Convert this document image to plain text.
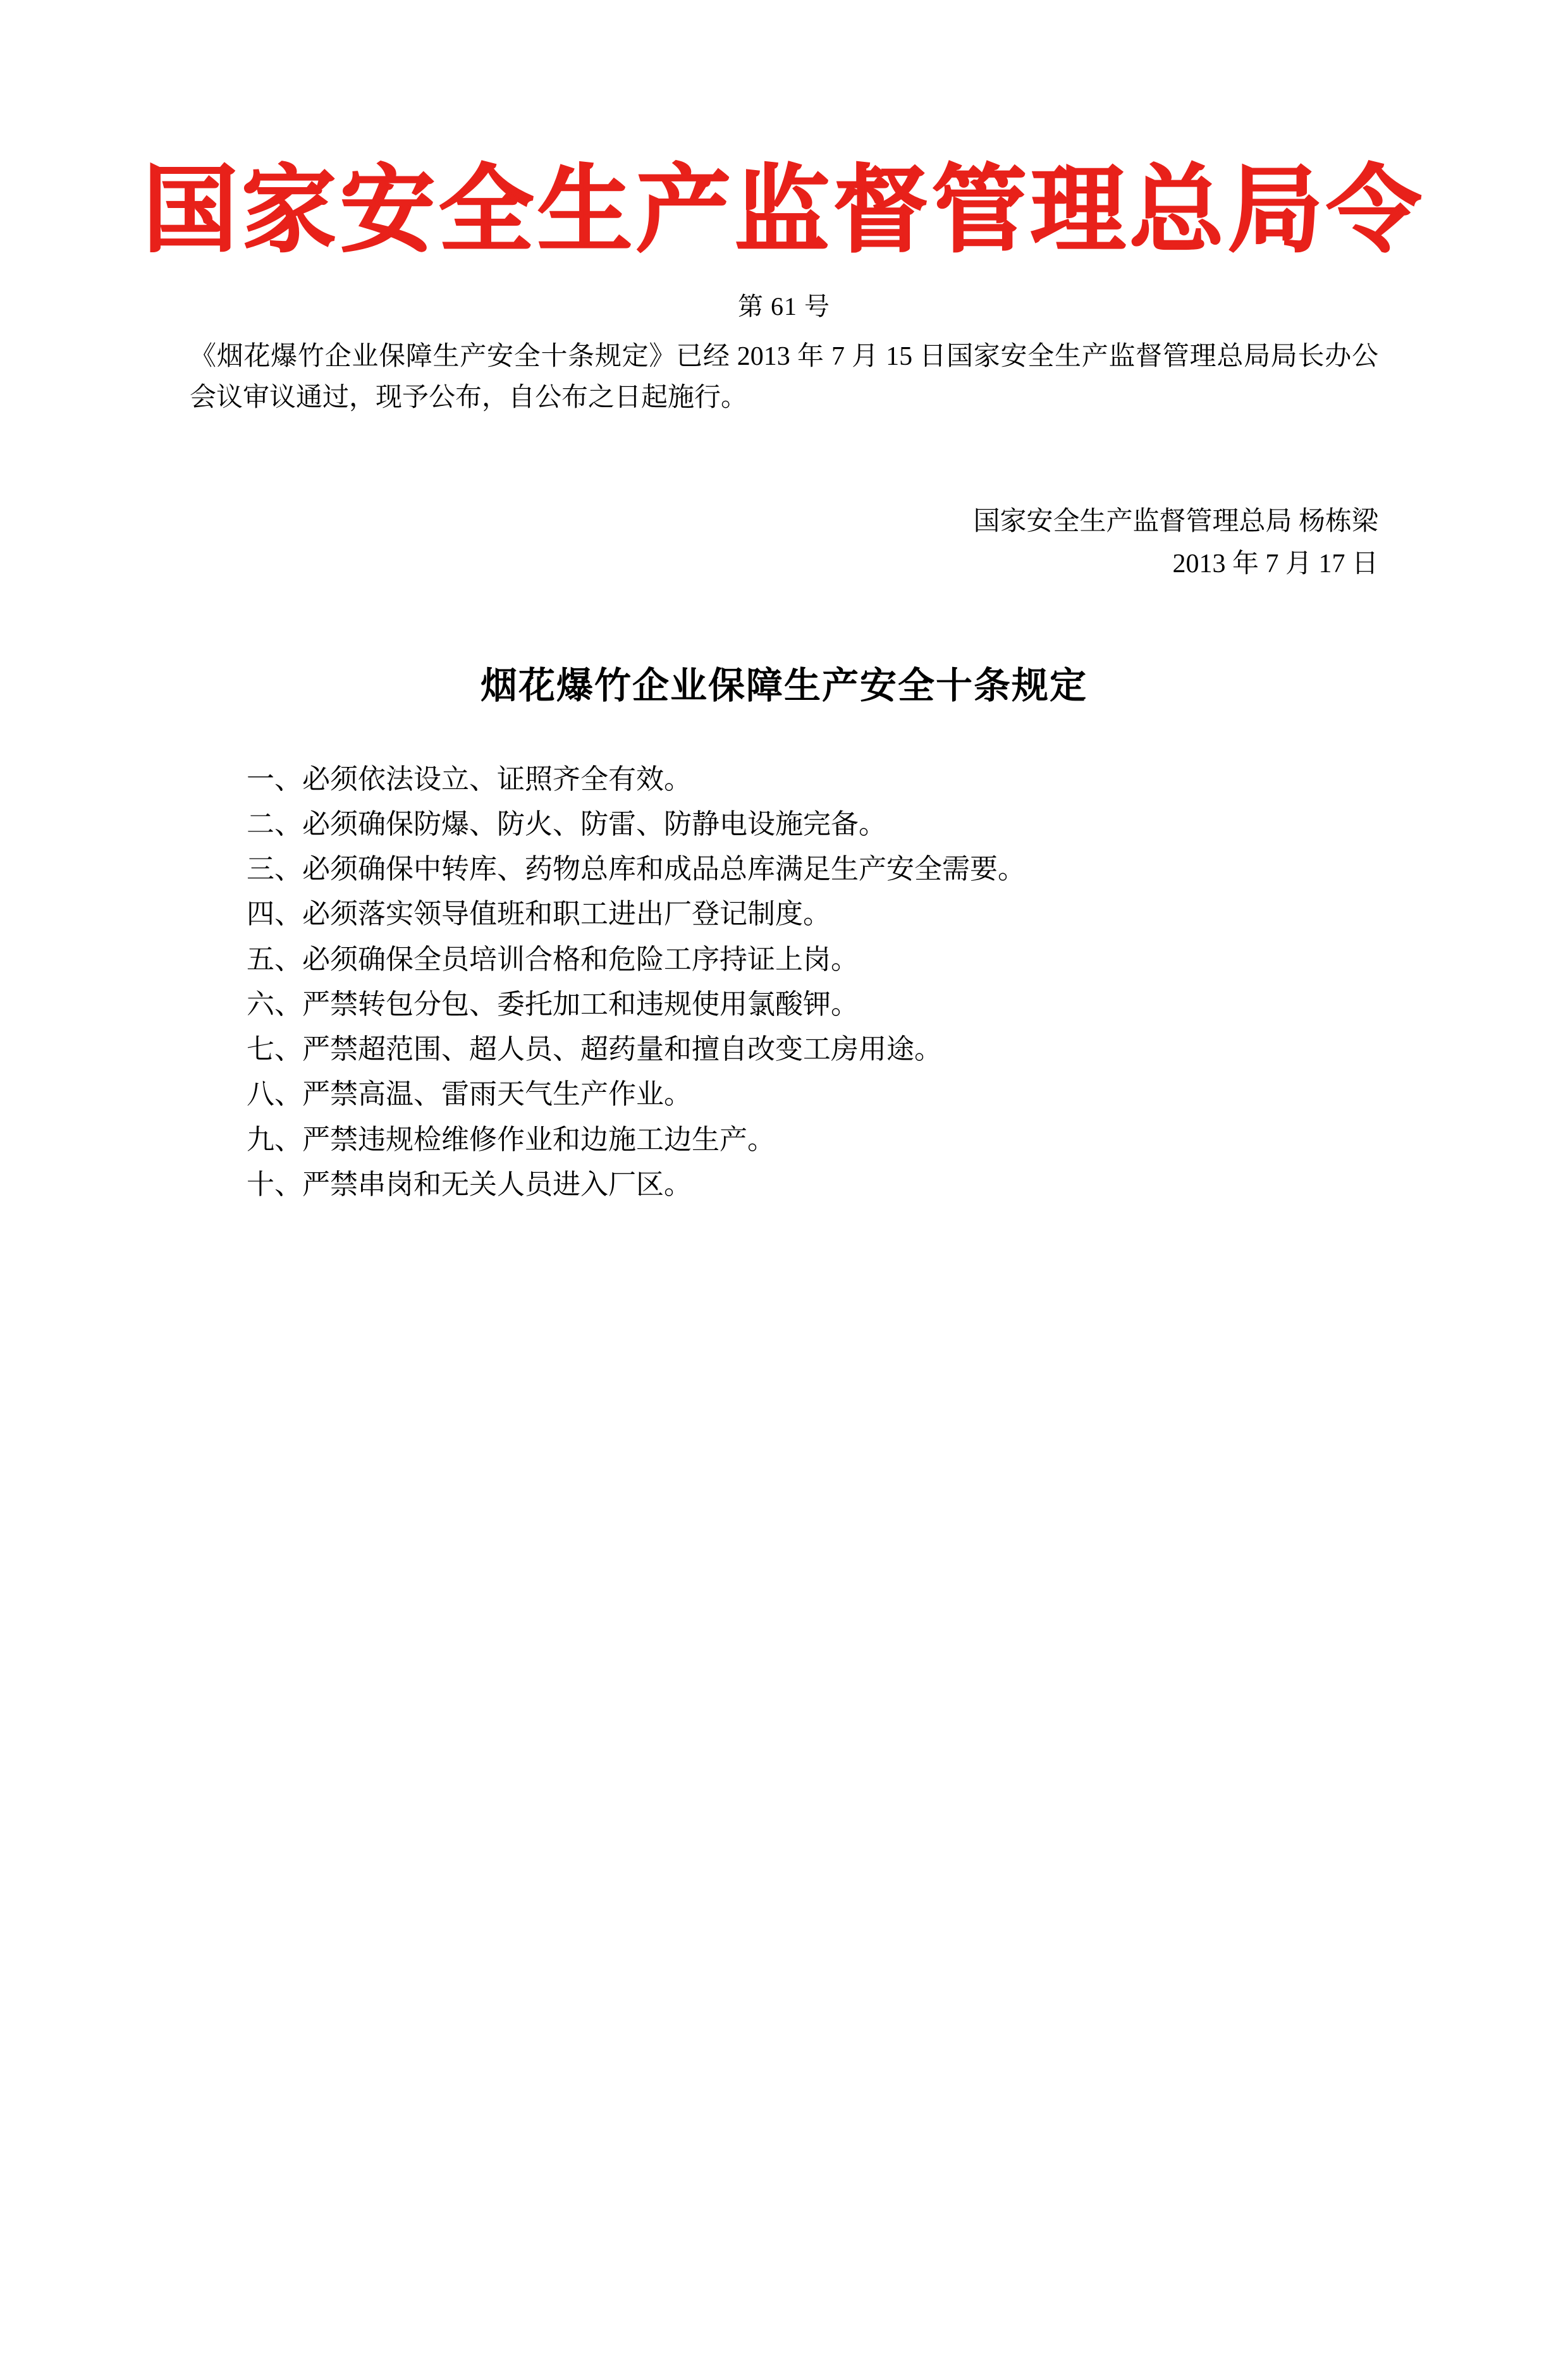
国家安全生产监督管理总局令
第 61 号
《烟花爆竹企业保障生产安全十条规定》已经 2013 年 7 月 15 日国家安全生产监督管理总局局长办公会议审议通过，现予公布，自公布之日起施行。
国家安全生产监督管理总局 杨栋梁
2013 年 7 月 17 日
烟花爆竹企业保障生产安全十条规定
一、必须依法设立、证照齐全有效。
二、必须确保防爆、防火、防雷、防静电设施完备。
三、必须确保中转库、药物总库和成品总库满足生产安全需要。
四、必须落实领导值班和职工进出厂登记制度。
五、必须确保全员培训合格和危险工序持证上岗。
六、严禁转包分包、委托加工和违规使用氯酸钾。
七、严禁超范围、超人员、超药量和擅自改变工房用途。
八、严禁高温、雷雨天气生产作业。
九、严禁违规检维修作业和边施工边生产。
十、严禁串岗和无关人员进入厂区。
